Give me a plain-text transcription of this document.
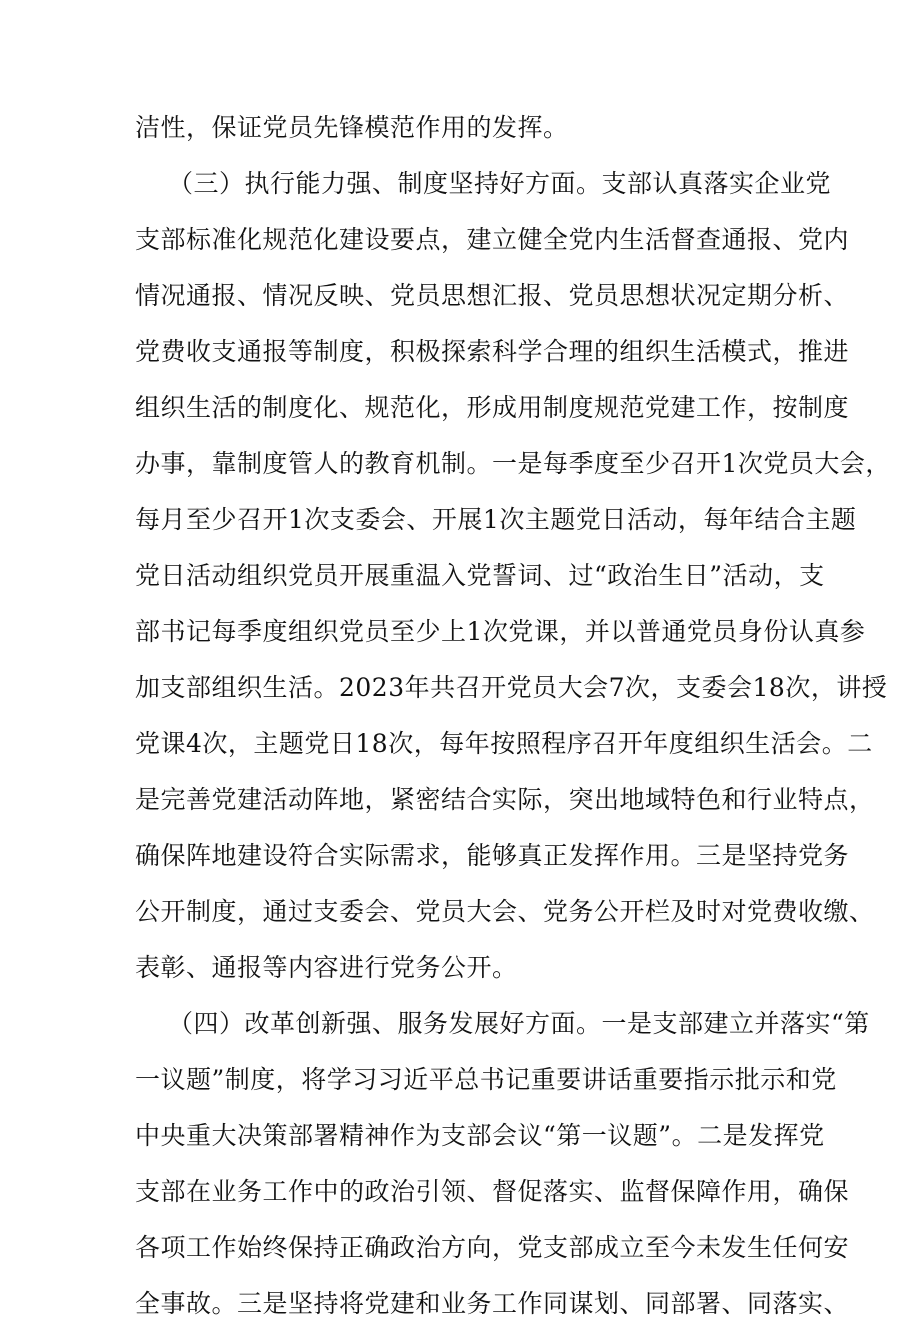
洁性，保证党员先锋模范作用的发挥。
（三）执行能力强、制度坚持好方面。支部认真落实企业党
支部标准化规范化建设要点，建立健全党内生活督查通报、党内
情况通报、情况反映、党员思想汇报、党员思想状况定期分析、
党费收支通报等制度，积极探索科学合理的组织生活模式，推进
组织生活的制度化、规范化，形成用制度规范党建工作，按制度
办事，靠制度管人的教育机制。一是每季度至少召开1次党员大会，
每月至少召开1次支委会、开展1次主题党日活动，每年结合主题
党日活动组织党员开展重温入党誓词、过“政治生日”活动，支
部书记每季度组织党员至少上1次党课，并以普通党员身份认真参
加支部组织生活。2023年共召开党员大会7次，支委会18次，讲授
党课4次，主题党日18次，每年按照程序召开年度组织生活会。二
是完善党建活动阵地，紧密结合实际，突出地域特色和行业特点，
确保阵地建设符合实际需求，能够真正发挥作用。三是坚持党务
公开制度，通过支委会、党员大会、党务公开栏及时对党费收缴、
表彰、通报等内容进行党务公开。
（四）改革创新强、服务发展好方面。一是支部建立并落实“第
一议题”制度，将学习习近平总书记重要讲话重要指示批示和党
中央重大决策部署精神作为支部会议“第一议题”。二是发挥党
支部在业务工作中的政治引领、督促落实、监督保障作用，确保
各项工作始终保持正确政治方向，党支部成立至今未发生任何安
全事故。三是坚持将党建和业务工作同谋划、同部署、同落实、
